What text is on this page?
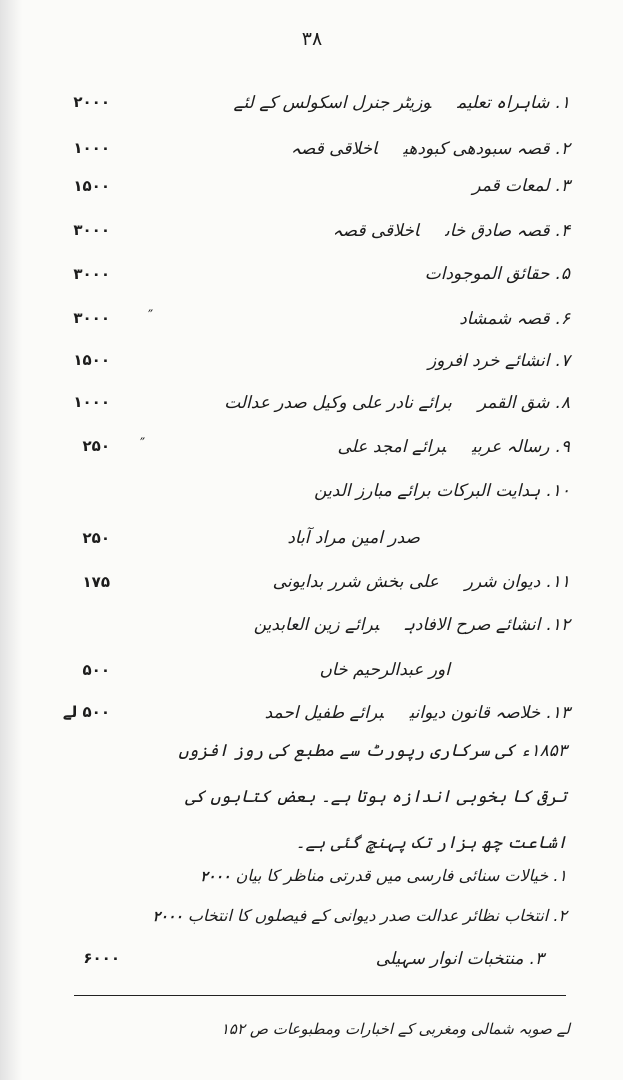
۳۸
۱.شاہراہ تعلیموزیٹر جنرل اسکولس کے لئے
۲۰۰۰
۲.قصہ سبودھی کبودھیاخلاقی قصہ
۱۰۰۰
۳.لمعات قمر
۱۵۰۰
۴.قصہ صادق خاںاخلاقی قصہ
۳۰۰۰
۵.حقائق الموجودات
۳۰۰۰
۶.قصہ شمشاد
″
۳۰۰۰
۷.انشائے خرد افروز
۱۵۰۰
۸.شق القمربرائے نادر علی وکیل صدر عدالت
۱۰۰۰
۹.رسالہ عربیبرائے امجد علی
″
۲۵۰
۱۰.ہدایت البرکات برائے مبارز الدین
صدر امین مراد آباد
۲۵۰
۱۱.دیوان شررعلی بخش شرر بدایونی
۱۷۵
۱۲.انشائے صرح الافادہبرائے زین العابدین
اور عبدالرحیم خاں
۵۰۰
۱۳.خلاصہ قانون دیوانیبرائے طفیل احمد
۵۰۰ لے
۱۸۵۳ء کی سرکاری رپورٹ سے مطبع کی روز افزوں ترقی کا بخوبی اندازہ ہوتا ہے۔ بعض کتابوں کی اشاعت چھ ہزار تک پہنچ گئی ہے۔
۱. خیالات سنائی فارسی میں قدرتی مناظر کا بیان ۲۰۰۰
۲. انتخاب نظائر عدالت صدر دیوانی کے فیصلوں کا انتخاب ۲۰۰۰
۳.منتخبات انوار سہیلی
۶۰۰۰
لے صوبہ شمالی ومغربی کے اخبارات ومطبوعات ص ۱۵۲
